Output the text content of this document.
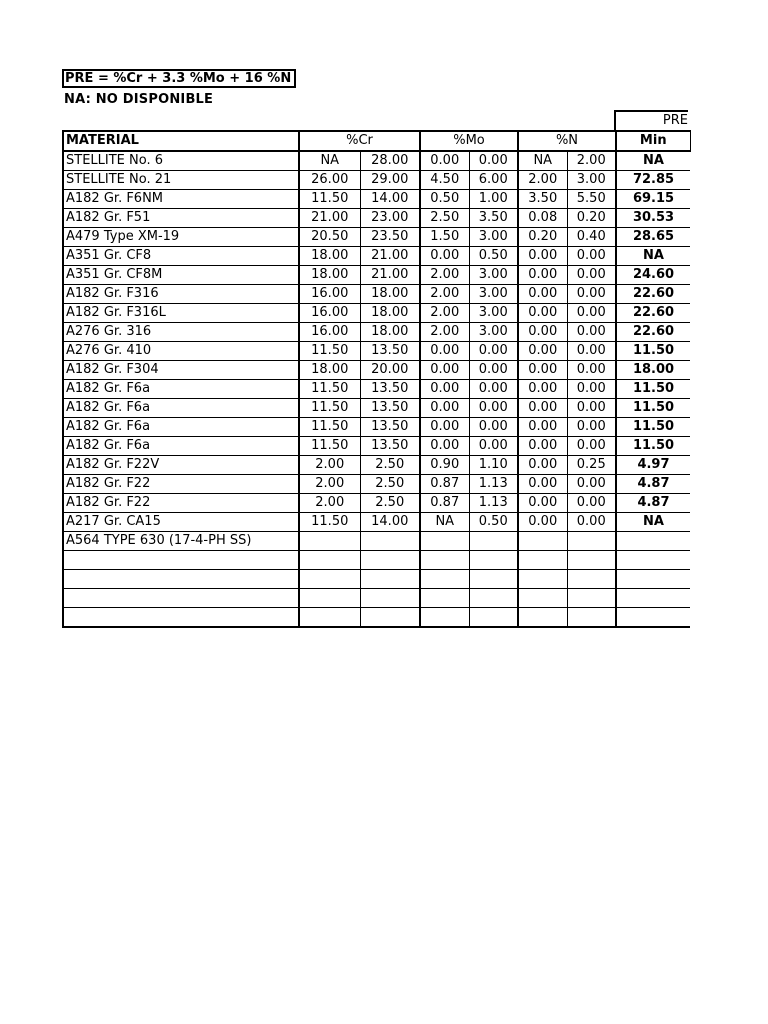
PRE = %Cr + 3.3 %Mo + 16 %N
NA: NO DISPONIBLE
PRE
MATERIAL	%Cr		%Mo		%N		Min
STELLITE No. 6	NA	28.00	0.00	0.00	NA	2.00	NA
STELLITE No. 21	26.00	29.00	4.50	6.00	2.00	3.00	72.85
A182 Gr. F6NM	11.50	14.00	0.50	1.00	3.50	5.50	69.15
A182 Gr. F51	21.00	23.00	2.50	3.50	0.08	0.20	30.53
A479 Type XM-19	20.50	23.50	1.50	3.00	0.20	0.40	28.65
A351 Gr. CF8	18.00	21.00	0.00	0.50	0.00	0.00	NA
A351 Gr. CF8M	18.00	21.00	2.00	3.00	0.00	0.00	24.60
A182 Gr. F316	16.00	18.00	2.00	3.00	0.00	0.00	22.60
A182 Gr. F316L	16.00	18.00	2.00	3.00	0.00	0.00	22.60
A276 Gr. 316	16.00	18.00	2.00	3.00	0.00	0.00	22.60
A276 Gr. 410	11.50	13.50	0.00	0.00	0.00	0.00	11.50
A182 Gr. F304	18.00	20.00	0.00	0.00	0.00	0.00	18.00
A182 Gr. F6a	11.50	13.50	0.00	0.00	0.00	0.00	11.50
A182 Gr. F6a	11.50	13.50	0.00	0.00	0.00	0.00	11.50
A182 Gr. F6a	11.50	13.50	0.00	0.00	0.00	0.00	11.50
A182 Gr. F6a	11.50	13.50	0.00	0.00	0.00	0.00	11.50
A182 Gr. F22V	2.00	2.50	0.90	1.10	0.00	0.25	4.97
A182 Gr. F22	2.00	2.50	0.87	1.13	0.00	0.00	4.87
A182 Gr. F22	2.00	2.50	0.87	1.13	0.00	0.00	4.87
A217 Gr. CA15	11.50	14.00	NA	0.50	0.00	0.00	NA
A564 TYPE 630 (17-4-PH SS)							
